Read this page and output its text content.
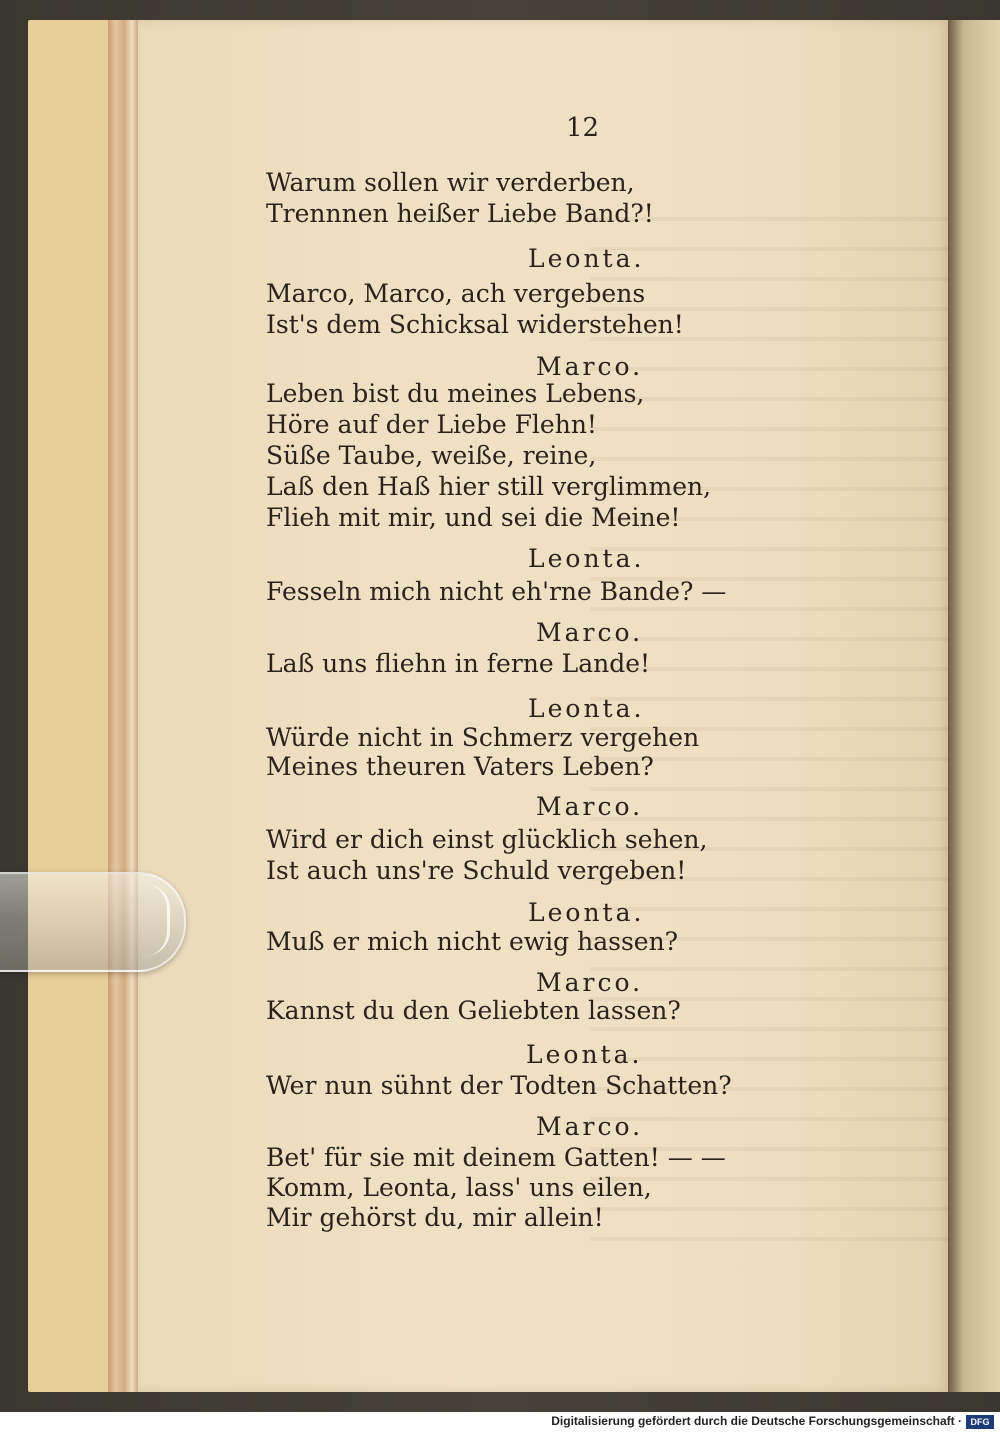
12
Warum sollen wir verderben,
Trennnen heißer Liebe Band?!
Leonta.
Marco, Marco, ach vergebens
Ist's dem Schicksal widerstehen!
Marco.
Leben bist du meines Lebens,
Höre auf der Liebe Flehn!
Süße Taube, weiße, reine,
Laß den Haß hier still verglimmen,
Flieh mit mir, und sei die Meine!
Leonta.
Fesseln mich nicht eh'rne Bande? —
Marco.
Laß uns fliehn in ferne Lande!
Leonta.
Würde nicht in Schmerz vergehen
Meines theuren Vaters Leben?
Marco.
Wird er dich einst glücklich sehen,
Ist auch uns're Schuld vergeben!
Leonta.
Muß er mich nicht ewig hassen?
Marco.
Kannst du den Geliebten lassen?
Leonta.
Wer nun sühnt der Todten Schatten?
Marco.
Bet' für sie mit deinem Gatten! — —
Komm, Leonta, lass' uns eilen,
Mir gehörst du, mir allein!
Digitalisierung gefördert durch die Deutsche Forschungsgemeinschaft · DFG
